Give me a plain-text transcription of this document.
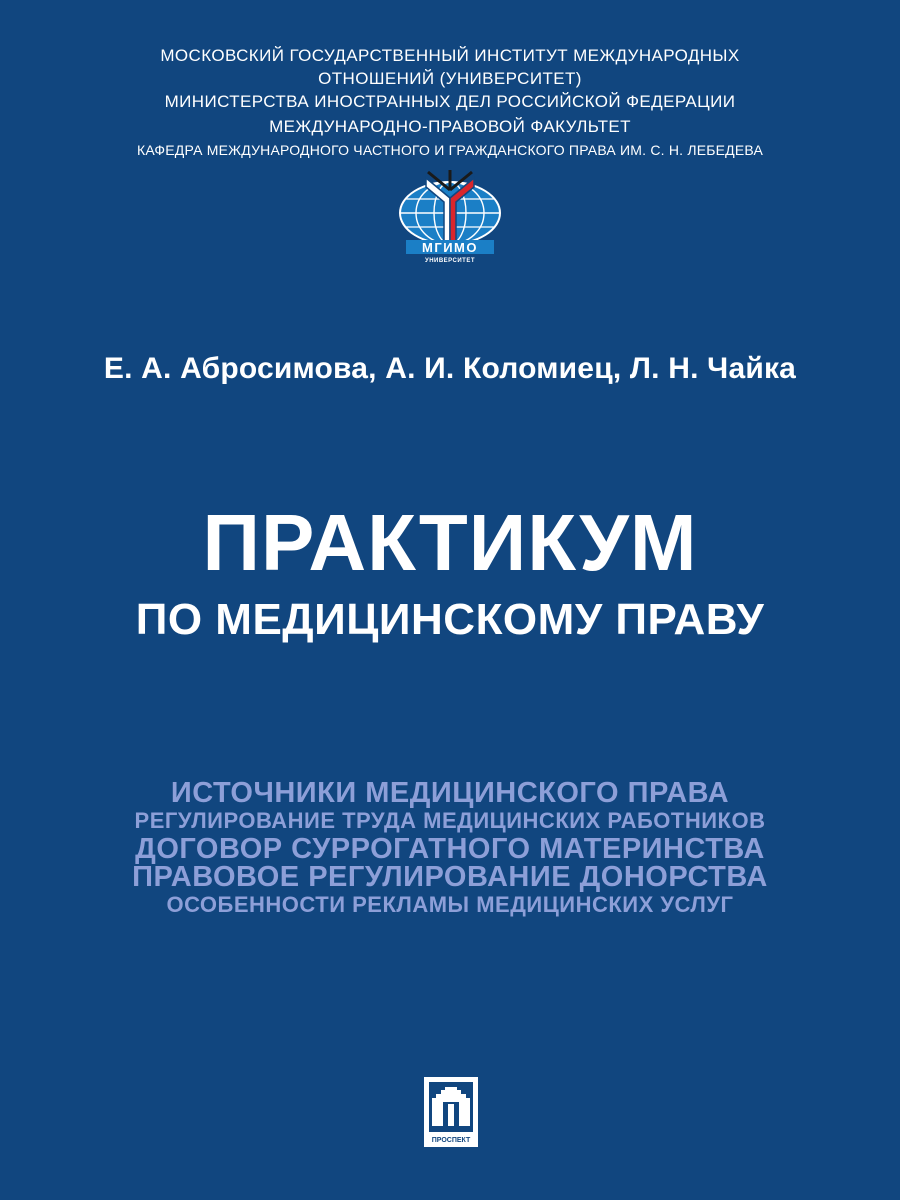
МОСКОВСКИЙ ГОСУДАРСТВЕННЫЙ ИНСТИТУТ МЕЖДУНАРОДНЫХ
ОТНОШЕНИЙ (УНИВЕРСИТЕТ)
МИНИСТЕРСТВА ИНОСТРАННЫХ ДЕЛ РОССИЙСКОЙ ФЕДЕРАЦИИ
МЕЖДУНАРОДНО-ПРАВОВОЙ ФАКУЛЬТЕТ
КАФЕДРА МЕЖДУНАРОДНОГО ЧАСТНОГО И ГРАЖДАНСКОГО ПРАВА ИМ. С. Н. ЛЕБЕДЕВА
МГИМО
УНИВЕРСИТЕТ
Е. А. Абросимова, А. И. Коломиец, Л. Н. Чайка
ПРАКТИКУМ
ПО МЕДИЦИНСКОМУ ПРАВУ
ИСТОЧНИКИ МЕДИЦИНСКОГО ПРАВА
РЕГУЛИРОВАНИЕ ТРУДА МЕДИЦИНСКИХ РАБОТНИКОВ
ДОГОВОР СУРРОГАТНОГО МАТЕРИНСТВА
ПРАВОВОЕ РЕГУЛИРОВАНИЕ ДОНОРСТВА
ОСОБЕННОСТИ РЕКЛАМЫ МЕДИЦИНСКИХ УСЛУГ
ПРОСПЕКТ
